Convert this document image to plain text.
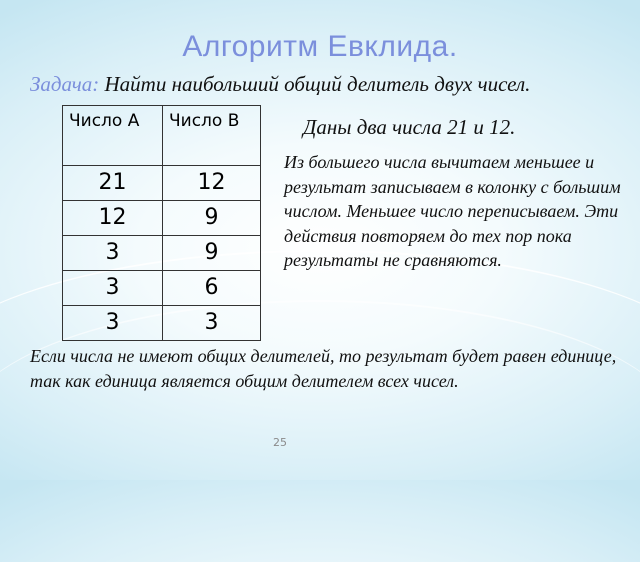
Алгоритм Евклида.
Задача: Найти наибольший общий делитель двух чисел.
Число А	Число В
21	12
12	9
3	9
3	6
3	3
Даны два числа 21 и 12.
Из большего числа вычитаем меньшее и результат записываем в колонку с большим числом. Меньшее число переписываем. Эти действия повторяем до тех пор пока результаты не сравняются.
Если числа не имеют общих делителей, то результат будет равен единице, так как единица является общим делителем всех чисел.
25
